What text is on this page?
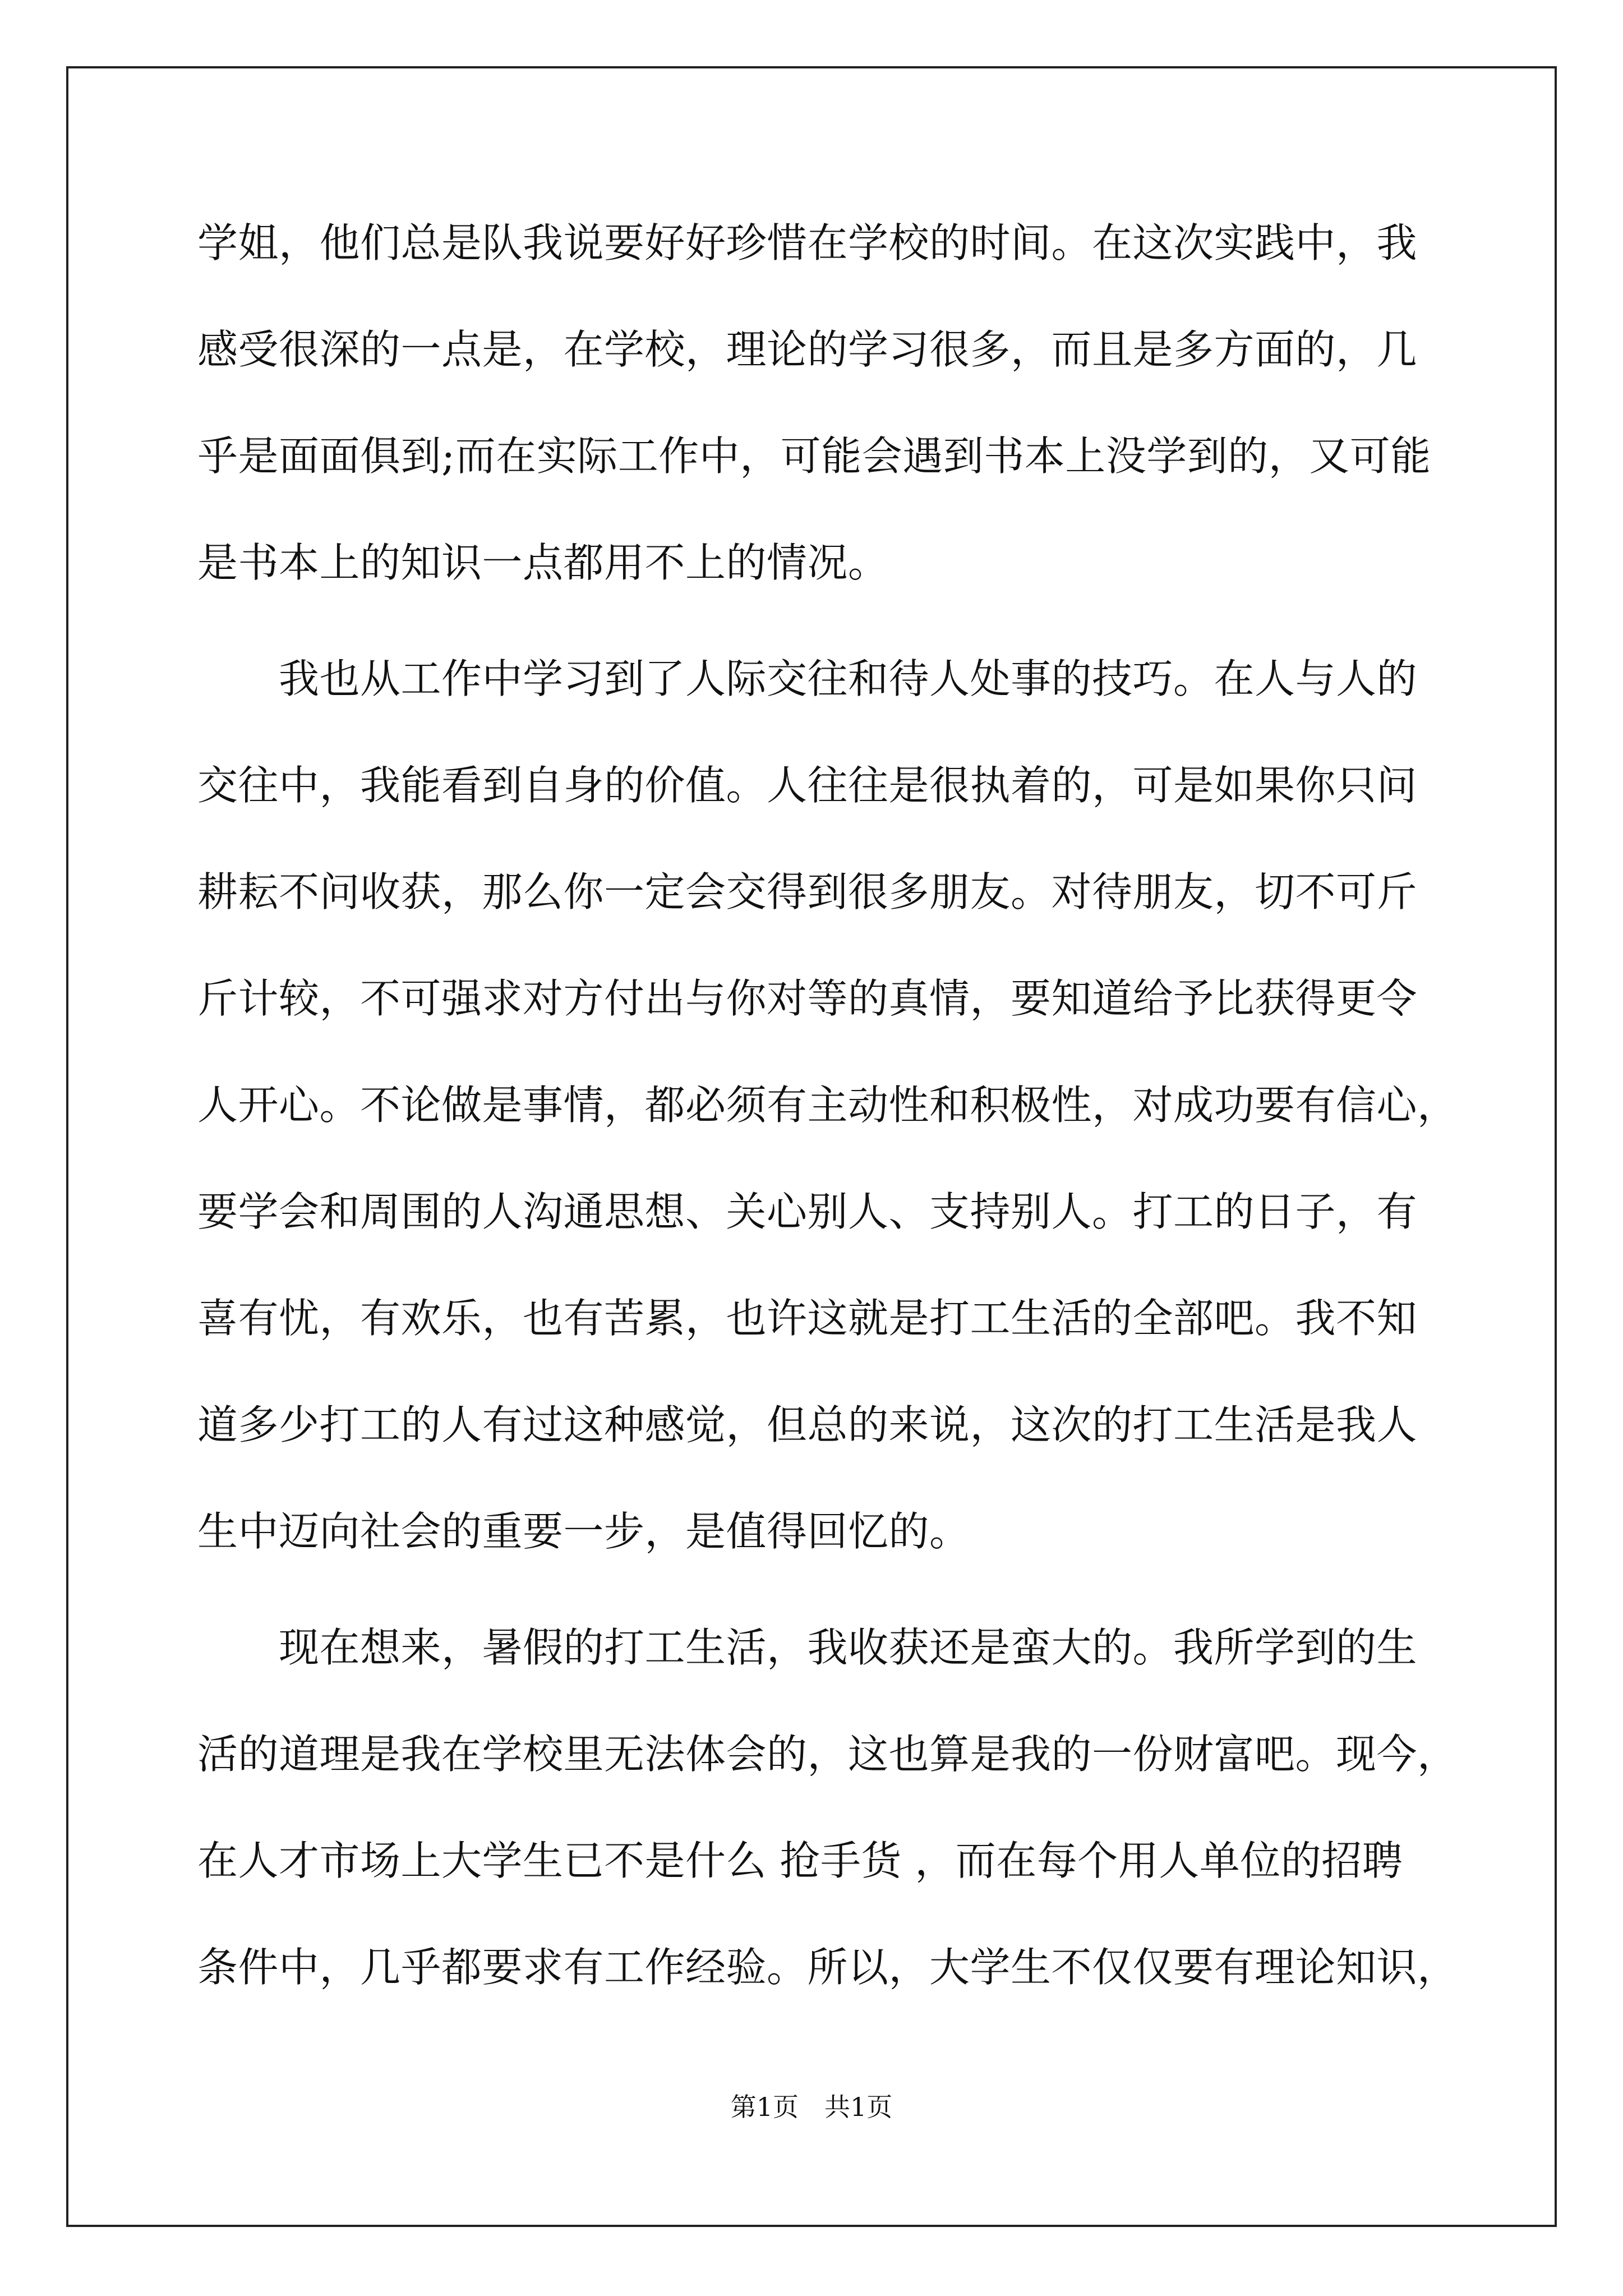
学姐，他们总是队我说要好好珍惜在学校的时间。在这次实践中，我
感受很深的一点是，在学校，理论的学习很多，而且是多方面的，几
乎是面面俱到;而在实际工作中，可能会遇到书本上没学到的，又可能
是书本上的知识一点都用不上的情况。
　　我也从工作中学习到了人际交往和待人处事的技巧。在人与人的
交往中，我能看到自身的价值。人往往是很执着的，可是如果你只问
耕耘不问收获，那么你一定会交得到很多朋友。对待朋友，切不可斤
斤计较，不可强求对方付出与你对等的真情，要知道给予比获得更令
人开心。不论做是事情，都必须有主动性和积极性，对成功要有信心，
要学会和周围的人沟通思想、关心别人、支持别人。打工的日子，有
喜有忧，有欢乐，也有苦累，也许这就是打工生活的全部吧。我不知
道多少打工的人有过这种感觉，但总的来说，这次的打工生活是我人
生中迈向社会的重要一步，是值得回忆的。
　　现在想来，暑假的打工生活，我收获还是蛮大的。我所学到的生
活的道理是我在学校里无法体会的，这也算是我的一份财富吧。现今，
在人才市场上大学生已不是什么 抢手货 ，而在每个用人单位的招聘
条件中，几乎都要求有工作经验。所以，大学生不仅仅要有理论知识，
第1页　共1页
